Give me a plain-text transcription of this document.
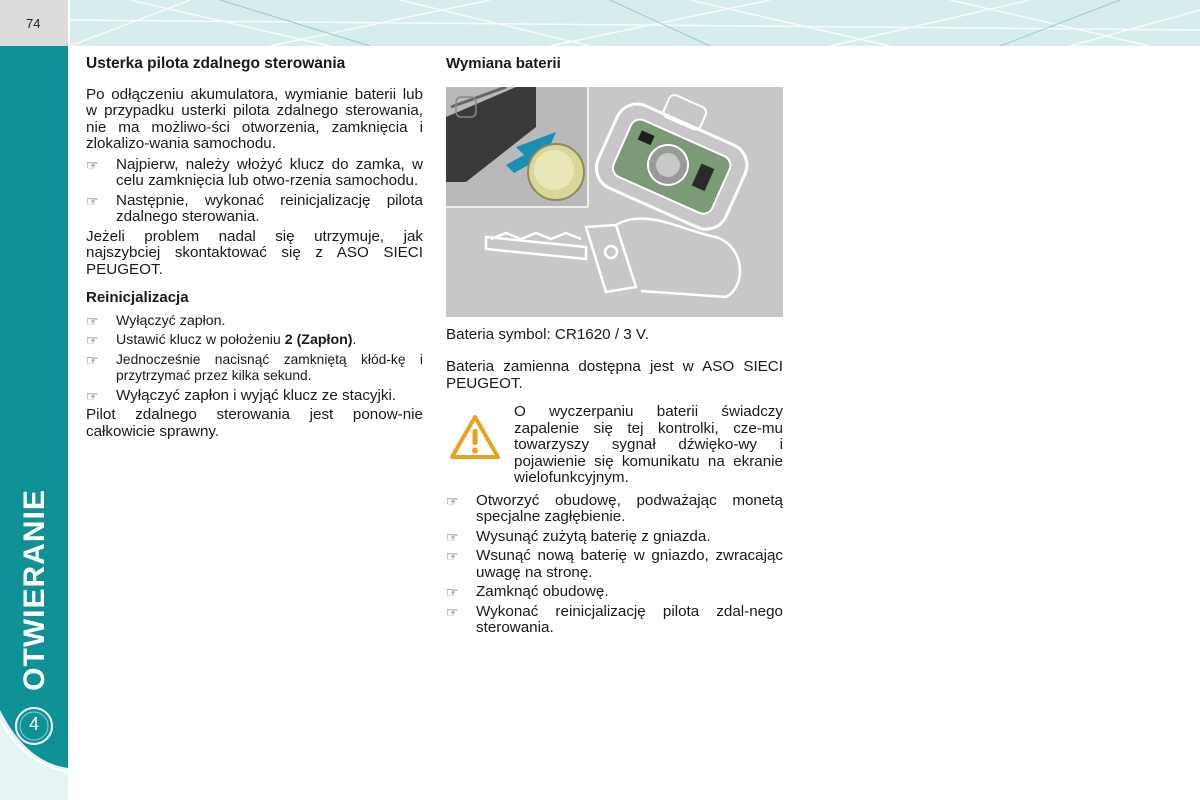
74
OTWIERANIE
4
Usterka pilota zdalnego sterowania

Po odłączeniu akumulatora, wymianie baterii lub w przypadku usterki pilota zdalnego sterowania, nie ma możliwo-ści otworzenia, zamknięcia i zlokalizo-wania samochodu.

☞ Najpierw, należy włożyć klucz do zamka, w celu zamknięcia lub otwo-rzenia samochodu.
☞ Następnie, wykonać reinicjalizację pilota zdalnego sterowania.

Jeżeli problem nadal się utrzymuje, jak najszybciej skontaktować się z ASO SIECI PEUGEOT.

Reinicjalizacja
☞ Wyłączyć zapłon.
☞ Ustawić klucz w położeniu 2 (Zapłon).
☞ Jednocześnie nacisnąć zamkniętą kłód-kę i przytrzymać przez kilka sekund.
☞ Wyłączyć zapłon i wyjąć klucz ze stacyjki.

Pilot zdalnego sterowania jest ponow-nie całkowicie sprawny.

Wymiana baterii

Bateria symbol: CR1620 / 3 V.

Bateria zamienna dostępna jest w ASO SIECI PEUGEOT.

O wyczerpaniu baterii świadczy zapalenie się tej kontrolki, cze-mu towarzyszy sygnał dźwięko-wy i pojawienie się komunikatu na ekranie wielofunkcyjnym.

☞ Otworzyć obudowę, podważając monetą specjalne zagłębienie.
☞ Wysunąć zużytą baterię z gniazda.
☞ Wsunąć nową baterię w gniazdo, zwracając uwagę na stronę.
☞ Zamknąć obudowę.
☞ Wykonać reinicjalizację pilota zdal-nego sterowania.
